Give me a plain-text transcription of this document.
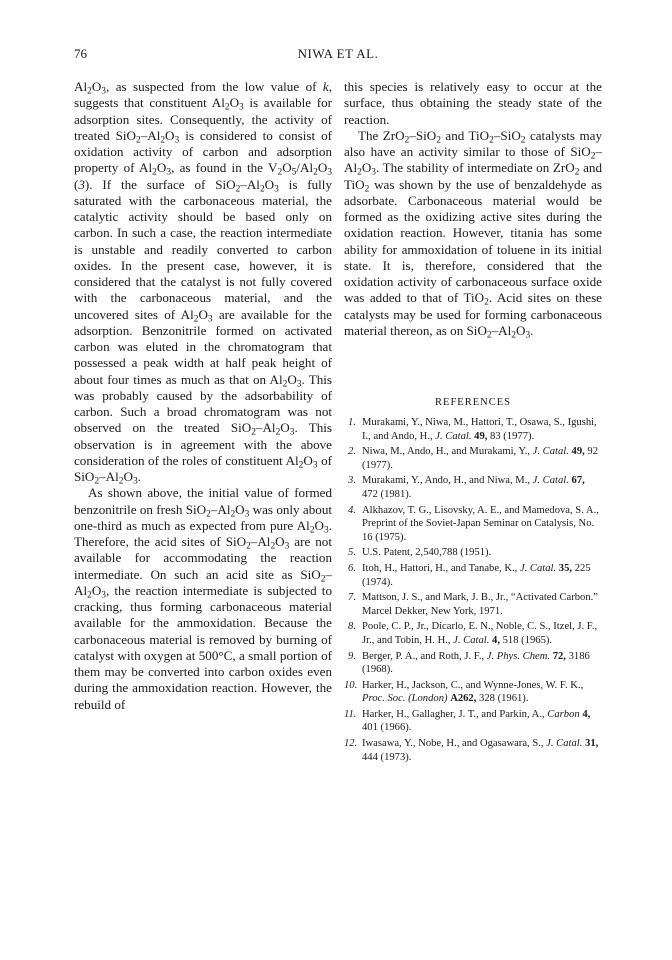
76	NIWA ET AL.

$Al_2O_3$, as suspected from the low value of k, suggests that constituent $Al_2O_3$ is available for adsorption sites. Consequently, the activity of treated $SiO_2-Al_2O_3$ is considered to consist of oxidation activity of carbon and adsorption property of $Al_2O_3$, as found in the $V_2O_5/Al_2O_3$ (3). If the surface of $SiO_2-Al_2O_3$ is fully saturated with the carbonaceous material, the catalytic activity should be based only on carbon. In such a case, the reaction intermediate is unstable and readily converted to carbon oxides. In the present case, however, it is considered that the catalyst is not fully covered with the carbonaceous material, and the uncovered sites of $Al_2O_3$ are available for the adsorption. Benzonitrile formed on activated carbon was eluted in the chromatogram that possessed a peak width at half peak height of about four times as much as that on $Al_2O_3$. This was probably caused by the adsorbability of carbon. Such a broad chromatogram was not observed on the treated $SiO_2-Al_2O_3$. This observation is in agreement with the above consideration of the roles of constituent $Al_2O_3$ of $SiO_2-Al_2O_3$.

As shown above, the initial value of formed benzonitrile on fresh $SiO_2-Al_2O_3$ was only about one-third as much as expected from pure $Al_2O_3$. Therefore, the acid sites of $SiO_2-Al_2O_3$ are not available for accommodating the reaction intermediate. On such an acid site as $SiO_2-Al_2O_3$, the reaction intermediate is subjected to cracking, thus forming carbonaceous material available for the ammoxidation. Because the carbonaceous material is removed by burning of catalyst with oxygen at 500°C, a small portion of them may be converted into carbon oxides even during the ammoxidation reaction. However, the rebuild of

this species is relatively easy to occur at the surface, thus obtaining the steady state of the reaction.

The ZrO$_2$–SiO$_2$ and TiO$_2$–SiO$_2$ catalysts may also have an activity similar to those of $SiO_2-Al_2O_3$. The stability of intermediate on ZrO$_2$ and TiO$_2$ was shown by the use of benzaldehyde as adsorbate. Carbonaceous material would be formed as the oxidizing active sites during the oxidation reaction. However, titania has some ability for ammoxidation of toluene in its initial state. It is, therefore, considered that the oxidation activity of carbonaceous surface oxide was added to that of TiO$_2$. Acid sites on these catalysts may be used for forming carbonaceous material thereon, as on $SiO_2-Al_2O_3$.

REFERENCES
1. Murakami, Y., Niwa, M., Hattori, T., Osawa, S., Igushi, I., and Ando, H., J. Catal. 49, 83 (1977).
2. Niwa, M., Ando, H., and Murakami, Y., J. Catal. 49, 92 (1977).
3. Murakami, Y., Ando, H., and Niwa, M., J. Catal. 67, 472 (1981).
4. Alkhazov, T. G., Lisovsky, A. E., and Mamedova, S. A., Preprint of the Soviet-Japan Seminar on Catalysis, No. 16 (1975).
5. U.S. Patent, 2,540,788 (1951).
6. Itoh, H., Hattori, H., and Tanabe, K., J. Catal. 35, 225 (1974).
7. Mattson, J. S., and Mark, J. B., Jr., “Activated Carbon.” Marcel Dekker, New York, 1971.
8. Poole, C. P., Jr., Dicarlo, E. N., Noble, C. S., Itzel, J. F., Jr., and Tobin, H. H., J. Catal. 4, 518 (1965).
9. Berger, P. A., and Roth, J. F., J. Phys. Chem. 72, 3186 (1968).
10. Harker, H., Jackson, C., and Wynne-Jones, W. F. K., Proc. Soc. (London) A262, 328 (1961).
11. Harker, H., Gallagher, J. T., and Parkin, A., Carbon 4, 401 (1966).
12. Iwasawa, Y., Nobe, H., and Ogasawara, S., J. Catal. 31, 444 (1973).
